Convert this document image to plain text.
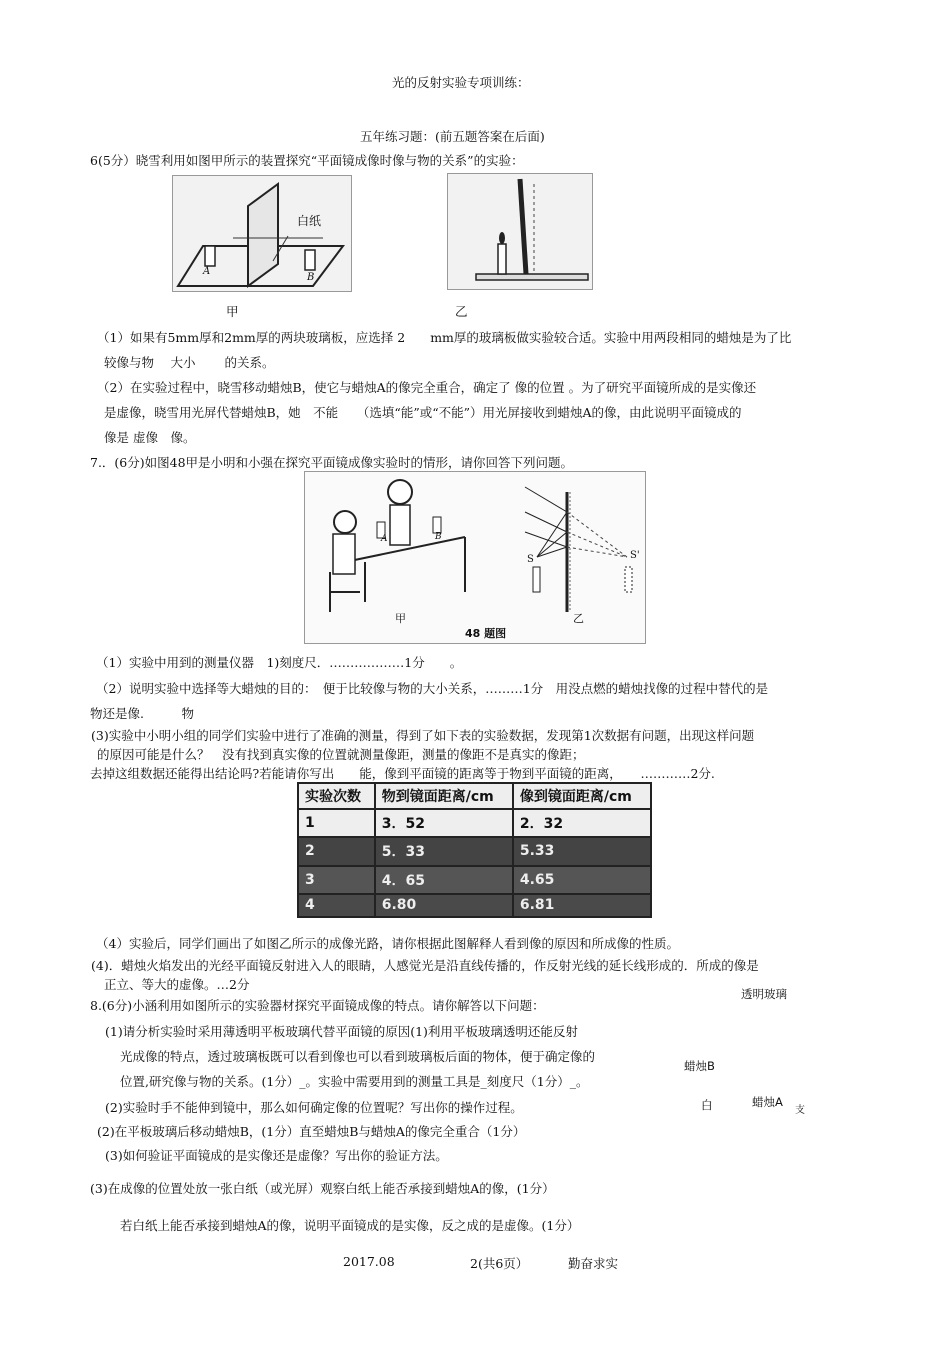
光的反射实验专项训练：
五年练习题：(前五题答案在后面)
6(5分）晓雪利用如图甲所示的装置探究“平面镜成像时像与物的关系”的实验：
白纸
A
B
甲	乙
（1）如果有5mm厚和2mm厚的两块玻璃板，应选择 2　　mm厚的玻璃板做实验较合适。实验中用两段相同的蜡烛是为了比
较像与物　 大小　　 的关系。
（2）在实验过程中，晓雪移动蜡烛B，使它与蜡烛A的像完全重合，确定了 像的位置 。为了研究平面镜所成的是实像还
是虚像，晓雪用光屏代替蜡烛B，她　不能　　（选填“能”或“不能”）用光屏接收到蜡烛A的像，由此说明平面镜成的
像是 虚像　像。
7.．(6分)如图48甲是小明和小强在探究平面镜成像实验时的情形，请你回答下列问题。
A	B
S	S'
甲	乙
48 题图
（1）实验中用到的测量仪器　1)刻度尺．………………1分　　。
（2）说明实验中选择等大蜡烛的目的：　便于比较像与物的大小关系，………1分　用没点燃的蜡烛找像的过程中替代的是
物还是像.　　　物
(3)实验中小明小组的同学们实验中进行了准确的测量，得到了如下表的实验数据，发现第1次数据有问题，出现这样问题
的原因可能是什么？　没有找到真实像的位置就测量像距，测量的像距不是真实的像距；
去掉这组数据还能得出结论吗?若能请你写出　　能，像到平面镜的距离等于物到平面镜的距离，　　…………2分.
实验次数	物到镜面距离/cm	像到镜面距离/cm
1	3．52	2．32
2	5．33	5.33
3	4．65	4.65
4	6.80	6.81
（4）实验后，同学们画出了如图乙所示的成像光路，请你根据此图解释人看到像的原因和所成像的性质。
(4)．蜡烛火焰发出的光经平面镜反射进入人的眼睛，人感觉光是沿直线传播的，作反射光线的延长线形成的．所成的像是
正立、等大的虚像。…2分
8.(6分)小涵利用如图所示的实验器材探究平面镜成像的特点。请你解答以下问题：
(1)请分析实验时采用薄透明平板玻璃代替平面镜的原因(1)利用平板玻璃透明还能反射
光成像的特点，透过玻璃板既可以看到像也可以看到玻璃板后面的物体，便于确定像的
位置,研究像与物的关系。(1分）_。实验中需要用到的测量工具是_刻度尺（1分）_。
(2)实验时手不能伸到镜中，那么如何确定像的位置呢？写出你的操作过程。
(2)在平板玻璃后移动蜡烛B，(1分）直至蜡烛B与蜡烛A的像完全重合（1分）
(3)如何验证平面镜成的是实像还是虚像？写出你的验证方法。
(3)在成像的位置处放一张白纸（或光屏）观察白纸上能否承接到蜡烛A的像，(1分）
若白纸上能否承接到蜡烛A的像，说明平面镜成的是实像，反之成的是虚像。(1分）
透明玻璃
蜡烛B
白	蜡烛A
支
2017.08	2(共6页）	勤奋求实
